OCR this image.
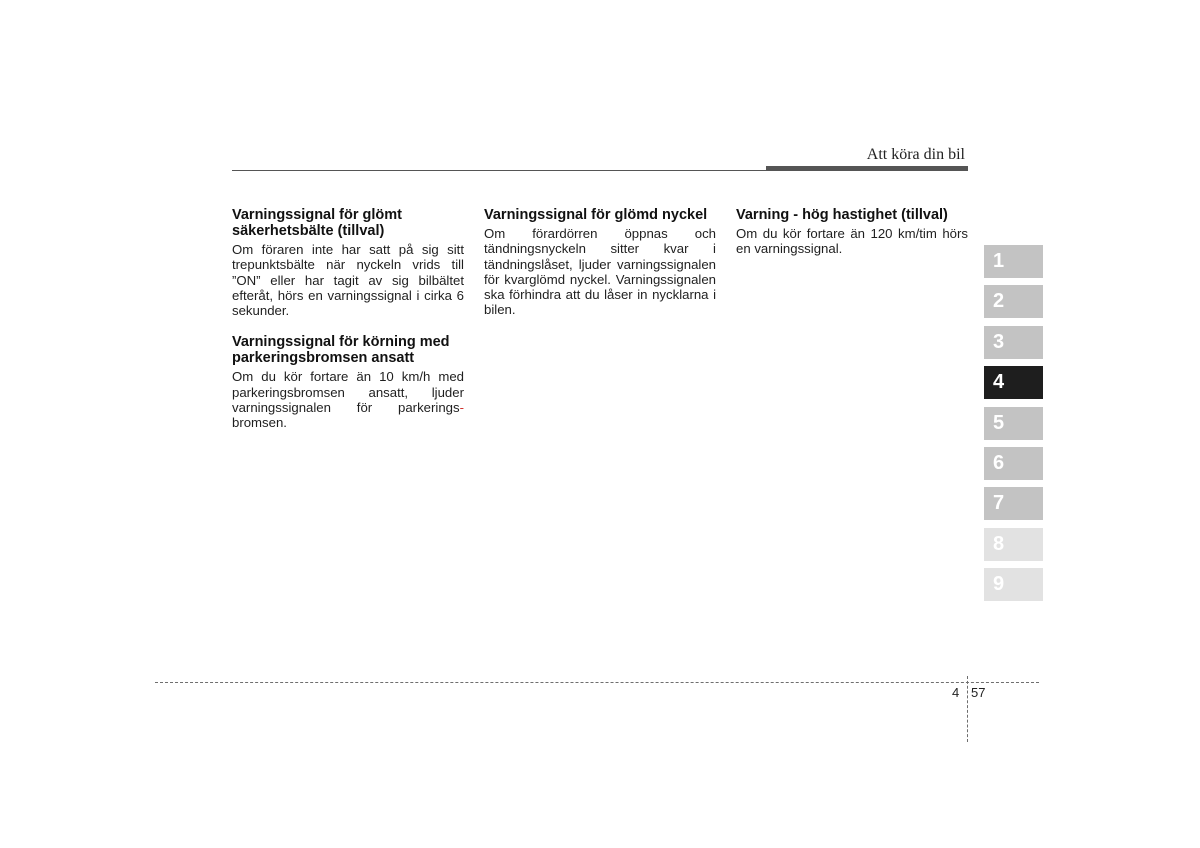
Att köra din bil
Varningssignal för glömt säkerhetsbälte (tillval)

Om föraren inte har satt på sig sitt trepunktsbälte när nyckeln vrids till ”ON” eller har tagit av sig bilbältet efteråt, hörs en varningssignal i cirka 6 sekunder.

Varningssignal för körning med parkeringsbromsen ansatt

Om du kör fortare än 10 km/h med parkeringsbromsen ansatt, ljuder varningssignalen för parkerings- bromsen.

Varningssignal för glömd nyckel

Om förardörren öppnas och tändningsnyckeln sitter kvar i tändningslåset, ljuder varningssignalen för kvarglömd nyckel. Varningssignalen ska förhindra att du låser in nycklarna i bilen.

Varning - hög hastighet (tillval)

Om du kör fortare än 120 km/tim hörs en varningssignal.

1
2
3
4
5
6
7
8
9
4 57
